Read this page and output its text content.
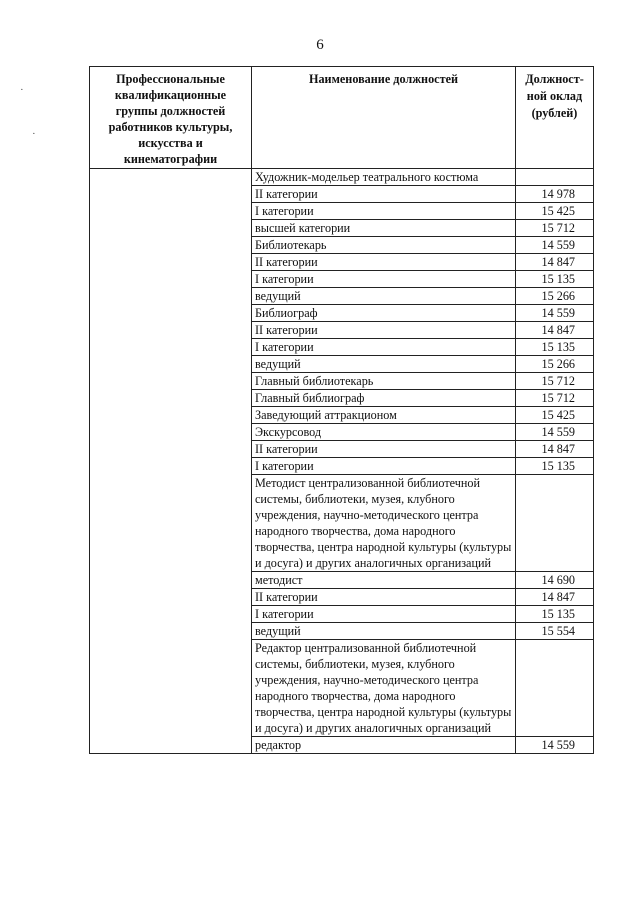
6
·
·
Профессиональные квалификационные группы должностей работников культуры, искусства и кинематографии	Наименование должностей	Должност-ной оклад (рублей)
	Художник-модельер театрального костюма	
	II категории	14 978
	I категории	15 425
	высшей категории	15 712
	Библиотекарь	14 559
	II категории	14 847
	I категории	15 135
	ведущий	15 266
	Библиограф	14 559
	II категории	14 847
	I категории	15 135
	ведущий	15 266
	Главный библиотекарь	15 712
	Главный библиограф	15 712
	Заведующий аттракционом	15 425
	Экскурсовод	14 559
	II категории	14 847
	I категории	15 135
	Методист централизованной библиотечной системы, библиотеки, музея, клубного учреждения, научно-методического центра народного творчества, дома народного творчества, центра народной культуры (культуры и досуга) и других аналогичных организаций	
	методист	14 690
	II категории	14 847
	I категории	15 135
	ведущий	15 554
	Редактор централизованной библиотечной системы, библиотеки, музея, клубного учреждения, научно-методического центра народного творчества, дома народного творчества, центра народной культуры (культуры и досуга) и других аналогичных организаций	
	редактор	14 559
